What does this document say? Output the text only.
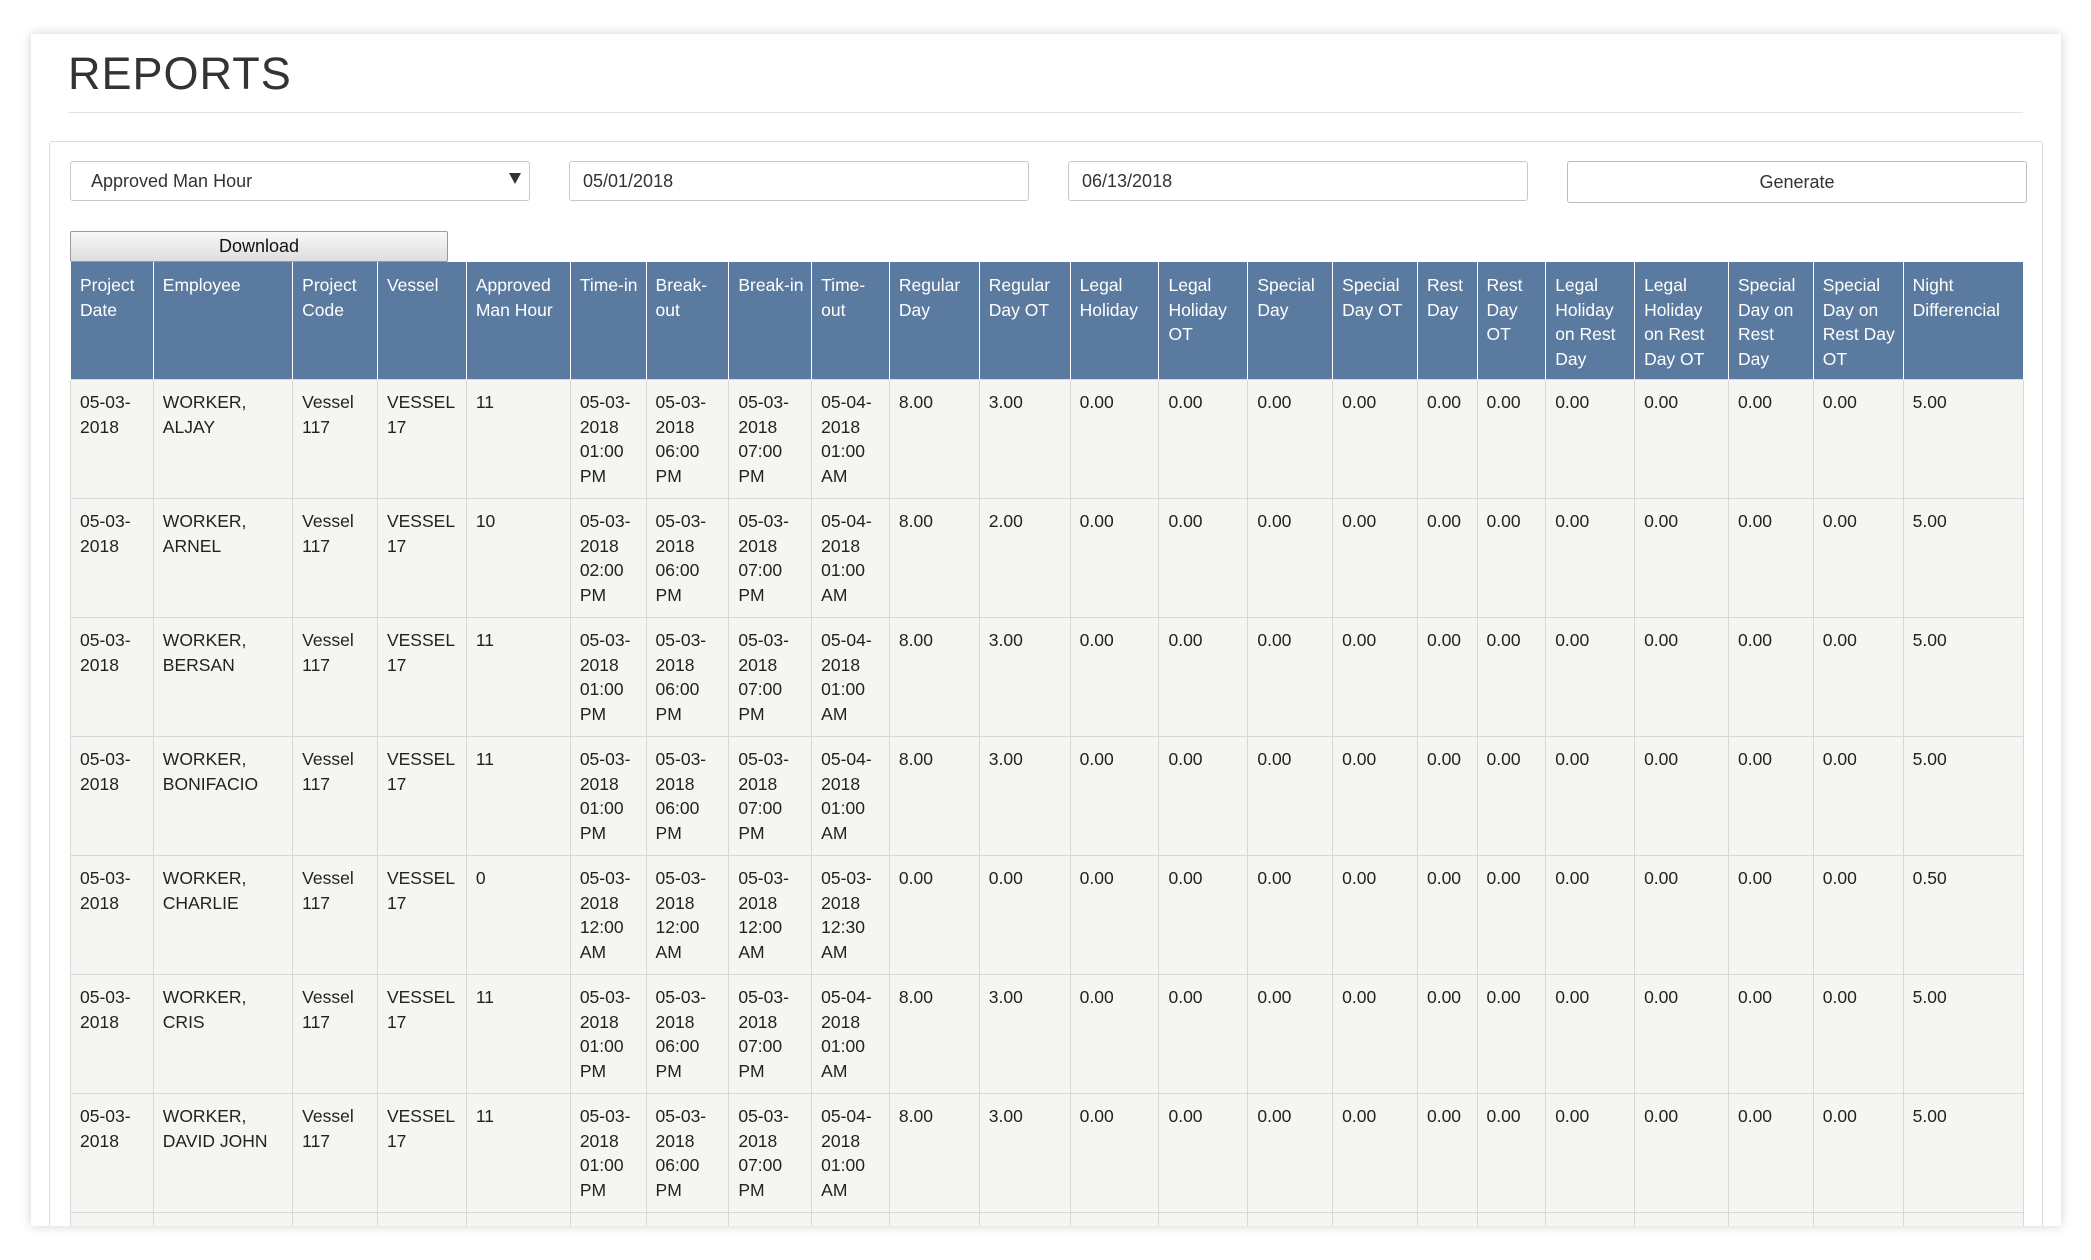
REPORTS
Approved Man Hour	05/01/2018	06/13/2018	Generate
Download
Project Date	Employee	Project Code	Vessel	Approved Man Hour	Time-in	Break-out	Break-in	Time-out	Regular Day	Regular Day OT	Legal Holiday	Legal Holiday OT	Special Day	Special Day OT	Rest Day	Rest Day OT	Legal Holiday on Rest Day	Legal Holiday on Rest Day OT	Special Day on Rest Day	Special Day on Rest Day OT	Night Differencial
05-03-2018	WORKER, ALJAY	Vessel 117	VESSEL 17	11	05-03-2018 01:00 PM	05-03-2018 06:00 PM	05-03-2018 07:00 PM	05-04-2018 01:00 AM	8.00	3.00	0.00	0.00	0.00	0.00	0.00	0.00	0.00	0.00	0.00	0.00	5.00
05-03-2018	WORKER, ARNEL	Vessel 117	VESSEL 17	10	05-03-2018 02:00 PM	05-03-2018 06:00 PM	05-03-2018 07:00 PM	05-04-2018 01:00 AM	8.00	2.00	0.00	0.00	0.00	0.00	0.00	0.00	0.00	0.00	0.00	0.00	5.00
05-03-2018	WORKER, BERSAN	Vessel 117	VESSEL 17	11	05-03-2018 01:00 PM	05-03-2018 06:00 PM	05-03-2018 07:00 PM	05-04-2018 01:00 AM	8.00	3.00	0.00	0.00	0.00	0.00	0.00	0.00	0.00	0.00	0.00	0.00	5.00
05-03-2018	WORKER, BONIFACIO	Vessel 117	VESSEL 17	11	05-03-2018 01:00 PM	05-03-2018 06:00 PM	05-03-2018 07:00 PM	05-04-2018 01:00 AM	8.00	3.00	0.00	0.00	0.00	0.00	0.00	0.00	0.00	0.00	0.00	0.00	5.00
05-03-2018	WORKER, CHARLIE	Vessel 117	VESSEL 17	0	05-03-2018 12:00 AM	05-03-2018 12:00 AM	05-03-2018 12:00 AM	05-03-2018 12:30 AM	0.00	0.00	0.00	0.00	0.00	0.00	0.00	0.00	0.00	0.00	0.00	0.00	0.50
05-03-2018	WORKER, CRIS	Vessel 117	VESSEL 17	11	05-03-2018 01:00 PM	05-03-2018 06:00 PM	05-03-2018 07:00 PM	05-04-2018 01:00 AM	8.00	3.00	0.00	0.00	0.00	0.00	0.00	0.00	0.00	0.00	0.00	0.00	5.00
05-03-2018	WORKER, DAVID JOHN	Vessel 117	VESSEL 17	11	05-03-2018 01:00 PM	05-03-2018 06:00 PM	05-03-2018 07:00 PM	05-04-2018 01:00 AM	8.00	3.00	0.00	0.00	0.00	0.00	0.00	0.00	0.00	0.00	0.00	0.00	5.00
